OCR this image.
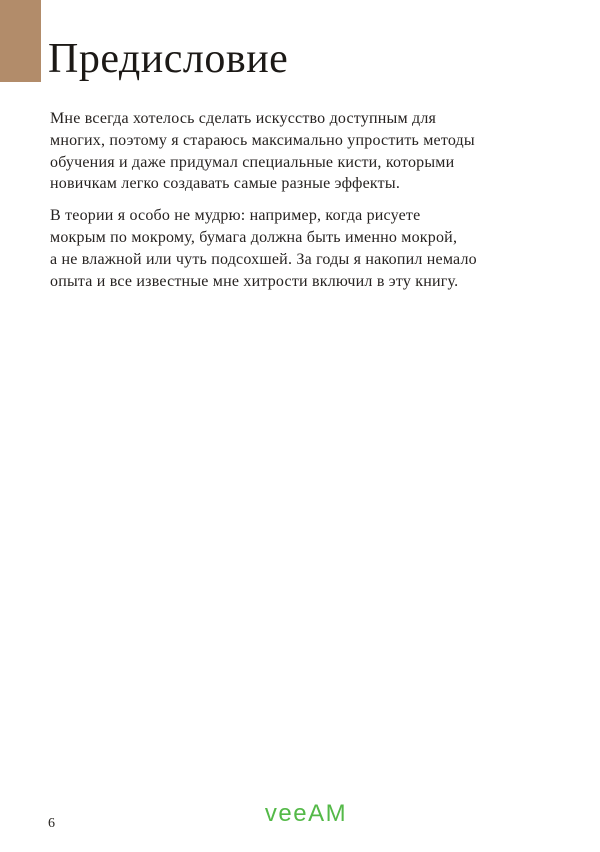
Предисловие
Мне всегда хотелось сделать искусство доступным для
многих, поэтому я стараюсь максимально упростить методы
обучения и даже придумал специальные кисти, которыми
новичкам легко создавать самые разные эффекты.
В теории я особо не мудрю: например, когда рисуете
мокрым по мокрому, бумага должна быть именно мокрой,
а не влажной или чуть подсохшей. За годы я накопил немало
опыта и все известные мне хитрости включил в эту книгу.
6	veeAM
